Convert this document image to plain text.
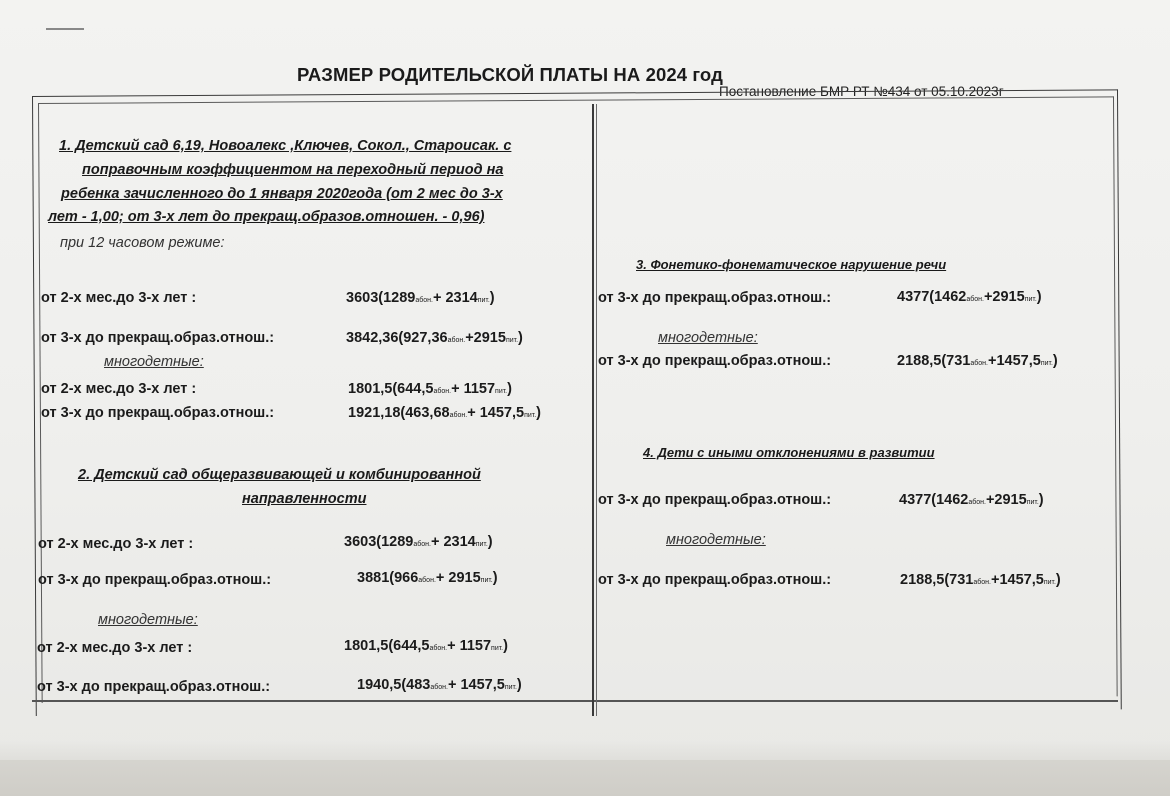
РАЗМЕР РОДИТЕЛЬСКОЙ ПЛАТЫ НА 2024 год
Постановление БМР РТ №434 от 05.10.2023г
1. Детский сад 6,19, Новоалекс ,Ключев, Сокол., Староисак. с
поправочным коэффициентом на переходный период на
ребенка зачисленного до 1 января 2020года (от 2 мес до 3-х
лет - 1,00; от 3-х лет до прекращ.образов.отношен. - 0,96)
при 12 часовом режиме:
от 2-х мес.до 3-х лет :	3603(1289абон.+ 2314пит.)
от 3-х до прекращ.образ.отнош.:	3842,36(927,36абон.+2915пит.)
многодетные:
от 2-х мес.до 3-х лет :	1801,5(644,5абон.+ 1157пит.)
от 3-х до прекращ.образ.отнош.:	1921,18(463,68абон.+ 1457,5пит.)
2. Детский сад общеразвивающей и комбинированной
направленности
от 2-х мес.до 3-х лет :	3603(1289абон.+ 2314пит.)
от 3-х до прекращ.образ.отнош.:	3881(966абон.+ 2915пит.)
многодетные:
от 2-х мес.до 3-х лет :	1801,5(644,5абон.+ 1157пит.)
от 3-х до прекращ.образ.отнош.:	1940,5(483абон.+ 1457,5пит.)
3. Фонетико-фонематическое нарушение речи
от 3-х до прекращ.образ.отнош.:	4377(1462абон.+2915пит.)
многодетные:
от 3-х до прекращ.образ.отнош.:	2188,5(731абон.+1457,5пит.)
4. Дети с иными отклонениями в развитии
от 3-х до прекращ.образ.отнош.:	4377(1462абон.+2915пит.)
многодетные:
от 3-х до прекращ.образ.отнош.:	2188,5(731абон.+1457,5пит.)
